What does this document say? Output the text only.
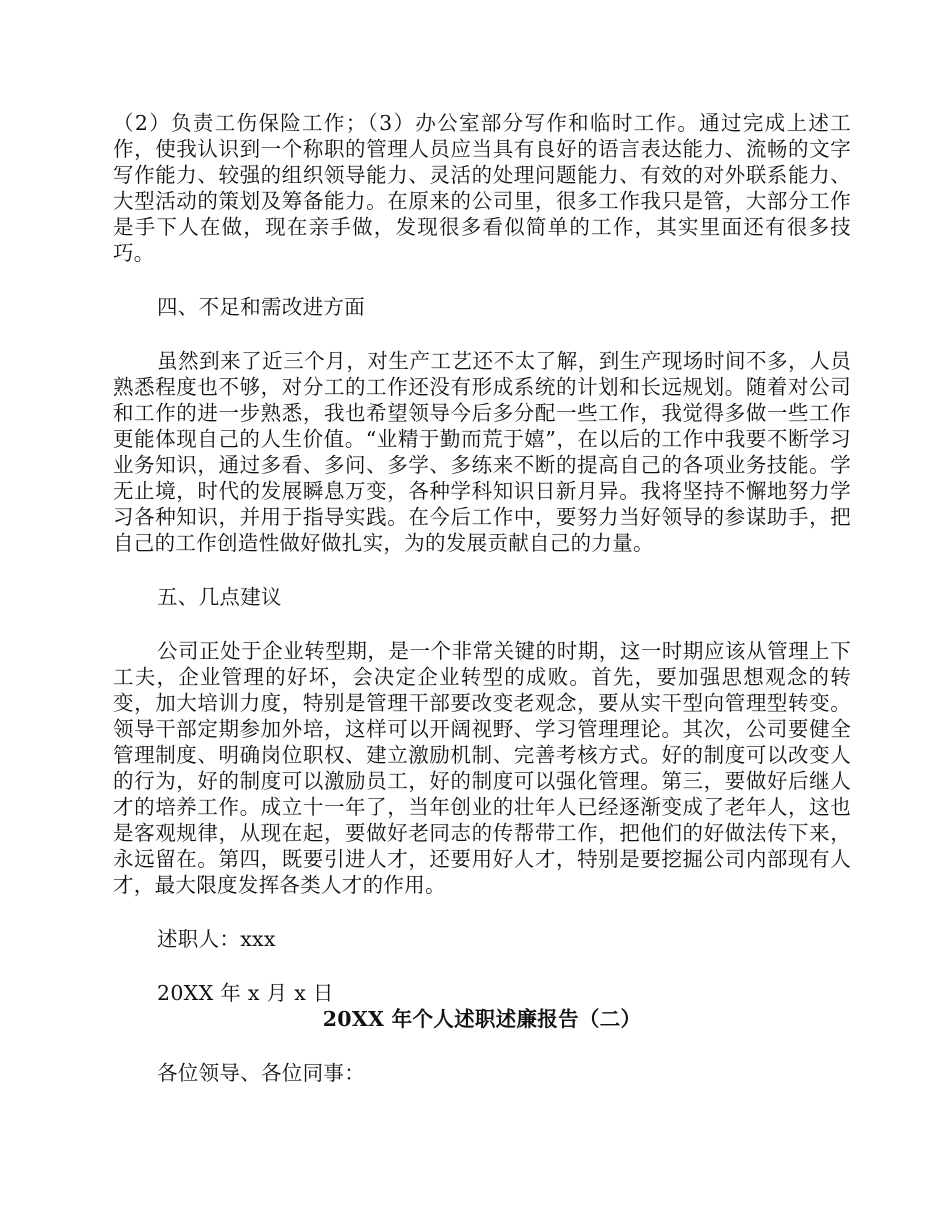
（2）负责工伤保险工作；（3）办公室部分写作和临时工作。通过完成上述工作，使我认识到一个称职的管理人员应当具有良好的语言表达能力、流畅的文字写作能力、较强的组织领导能力、灵活的处理问题能力、有效的对外联系能力、大型活动的策划及筹备能力。在原来的公司里，很多工作我只是管，大部分工作是手下人在做，现在亲手做，发现很多看似简单的工作，其实里面还有很多技巧。

四、不足和需改进方面

虽然到来了近三个月，对生产工艺还不太了解，到生产现场时间不多，人员熟悉程度也不够，对分工的工作还没有形成系统的计划和长远规划。随着对公司和工作的进一步熟悉，我也希望领导今后多分配一些工作，我觉得多做一些工作更能体现自己的人生价值。“业精于勤而荒于嬉”，在以后的工作中我要不断学习业务知识，通过多看、多问、多学、多练来不断的提高自己的各项业务技能。学无止境，时代的发展瞬息万变，各种学科知识日新月异。我将坚持不懈地努力学习各种知识，并用于指导实践。在今后工作中，要努力当好领导的参谋助手，把自己的工作创造性做好做扎实，为的发展贡献自己的力量。

五、几点建议

公司正处于企业转型期，是一个非常关键的时期，这一时期应该从管理上下工夫，企业管理的好坏，会决定企业转型的成败。首先，要加强思想观念的转变，加大培训力度，特别是管理干部要改变老观念，要从实干型向管理型转变。领导干部定期参加外培，这样可以开阔视野、学习管理理论。其次，公司要健全管理制度、明确岗位职权、建立激励机制、完善考核方式。好的制度可以改变人的行为，好的制度可以激励员工，好的制度可以强化管理。第三，要做好后继人才的培养工作。成立十一年了，当年创业的壮年人已经逐渐变成了老年人，这也是客观规律，从现在起，要做好老同志的传帮带工作，把他们的好做法传下来，永远留在。第四，既要引进人才，还要用好人才，特别是要挖掘公司内部现有人才，最大限度发挥各类人才的作用。

述职人：xxx

20XX 年 x 月 x 日

20XX 年个人述职述廉报告（二）

各位领导、各位同事：
